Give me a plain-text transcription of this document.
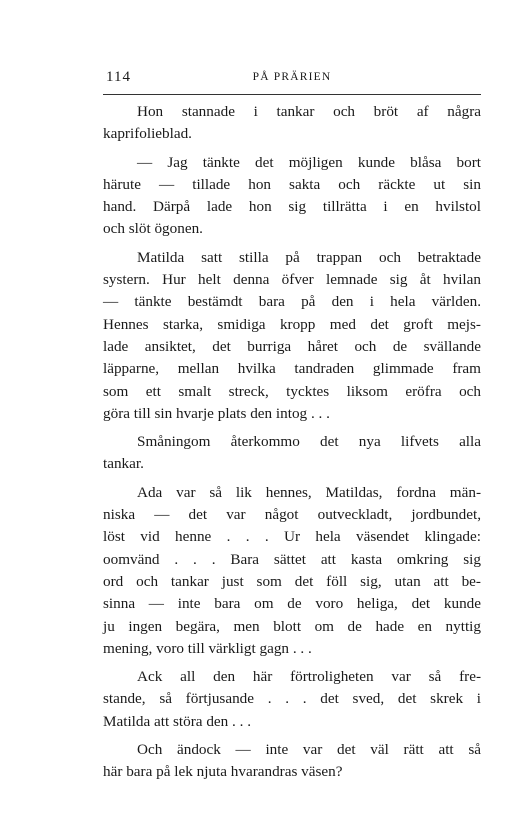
114	PÅ PRÄRIEN
Hon stannade i tankar och bröt af några
kaprifolieblad.
— Jag tänkte det möjligen kunde blåsa bort
härute — tillade hon sakta och räckte ut sin
hand. Därpå lade hon sig tillrätta i en hvilstol
och slöt ögonen.
Matilda satt stilla på trappan och betraktade
systern. Hur helt denna öfver lemnade sig åt hvilan
— tänkte bestämdt bara på den i hela världen.
Hennes starka, smidiga kropp med det groft mejs-
lade ansiktet, det burriga håret och de svällande
läpparne, mellan hvilka tandraden glimmade fram
som ett smalt streck, tycktes liksom eröfra och
göra till sin hvarje plats den intog . . .
Småningom återkommo det nya lifvets alla
tankar.
Ada var så lik hennes, Matildas, fordna män-
niska — det var något outveckladt, jordbundet,
löst vid henne . . . Ur hela väsendet klingade:
oomvänd . . . Bara sättet att kasta omkring sig
ord och tankar just som det föll sig, utan att be-
sinna — inte bara om de voro heliga, det kunde
ju ingen begära, men blott om de hade en nyttig
mening, voro till värkligt gagn . . .
Ack all den här förtroligheten var så fre-
stande, så förtjusande . . . det sved, det skrek i
Matilda att störa den . . .
Och ändock — inte var det väl rätt att så
här bara på lek njuta hvarandras väsen?
